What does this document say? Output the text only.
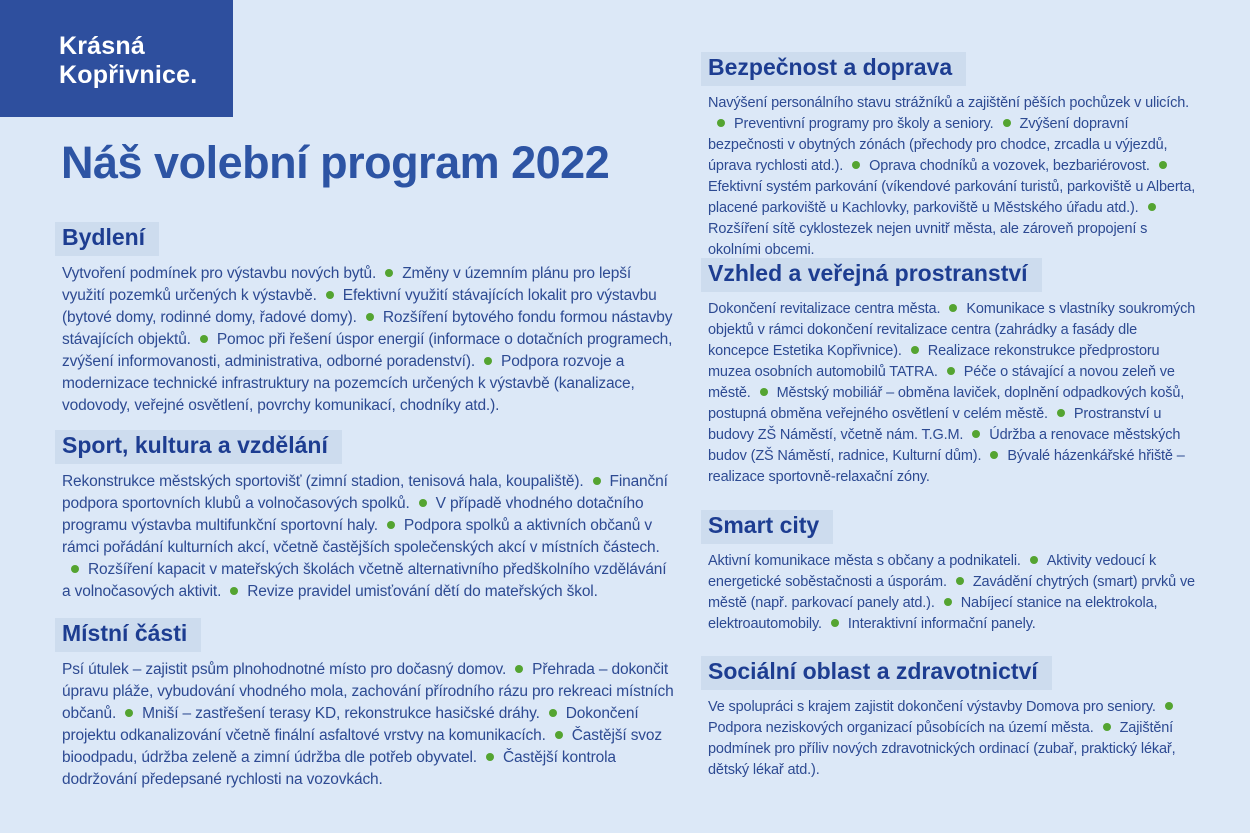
Krásná
Kopřivnice.
Náš volební program 2022
Bydlení

Vytvoření podmínek pro výstavbu nových bytů. Změny v územním plánu pro lepší využití pozemků určených k výstavbě. Efektivní využití stávajících lokalit pro výstavbu (bytové domy, rodinné domy, řadové domy). Rozšíření bytového fondu formou nástavby stávajících objektů. Pomoc při řešení úspor energií (informace o dotačních programech, zvýšení informovanosti, administrativa, odborné poradenství). Podpora rozvoje a modernizace technické infrastruktury na pozemcích určených k výstavbě (kanalizace, vodovody, veřejné osvětlení, povrchy komunikací, chodníky atd.).

Sport, kultura a vzdělání

Rekonstrukce městských sportovišť (zimní stadion, tenisová hala, koupaliště). Finanční podpora sportovních klubů a volnočasových spolků. V případě vhodného dotačního programu výstavba multifunkční sportovní haly. Podpora spolků a aktivních občanů v rámci pořádání kulturních akcí, včetně častějších společenských akcí v místních částech.Rozšíření kapacit v mateřských školách včetně alternativního předškolního vzdělávání a volnočasových aktivit. Revize pravidel umisťování dětí do mateřských škol.

Místní části

Psí útulek – zajistit psům plnohodnotné místo pro dočasný domov. Přehrada – dokončit úpravu pláže, vybudování vhodného mola, zachování přírodního rázu pro rekreaci místních občanů. Mniší – zastřešení terasy KD, rekonstrukce hasičské dráhy. Dokončení projektu odkanalizování včetně finální asfaltové vrstvy na komunikacích. Častější svoz bioodpadu, údržba zeleně a zimní údržba dle potřeb obyvatel. Častější kontrola dodržování předepsané rychlosti na vozovkách.

Bezpečnost a doprava

Navýšení personálního stavu strážníků a zajištění pěších pochůzek v ulicích.Preventivní programy pro školy a seniory. Zvýšení dopravní bezpečnosti v obytných zónách (přechody pro chodce, zrcadla u výjezdů, úprava rychlosti atd.). Oprava chodníků a vozovek, bezbariérovost.Efektivní systém parkování (víkendové parkování turistů, parkoviště u Alberta, placené parkoviště u Kachlovky, parkoviště u Městského úřadu atd.).Rozšíření sítě cyklostezek nejen uvnitř města, ale zároveň propojení s okolními obcemi.

Vzhled a veřejná prostranství

Dokončení revitalizace centra města. Komunikace s vlastníky soukromých objektů v rámci dokončení revitalizace centra (zahrádky a fasády dle koncepce Estetika Kopřivnice). Realizace rekonstrukce předprostoru muzea osobních automobilů TATRA. Péče o stávající a novou zeleň ve městě. Městský mobiliář – obměna laviček, doplnění odpadkových košů, postupná obměna veřejného osvětlení v celém městě. Prostranství u budovy ZŠ Náměstí, včetně nám. T.G.M. Údržba a renovace městských budov (ZŠ Náměstí, radnice, Kulturní dům). Bývalé házenkářské hřiště – realizace sportovně-relaxační zóny.

Smart city

Aktivní komunikace města s občany a podnikateli. Aktivity vedoucí k energetické soběstačnosti a úsporám. Zavádění chytrých (smart) prvků ve městě (např. parkovací panely atd.). Nabíjecí stanice na elektrokola, elektroautomobily. Interaktivní informační panely.

Sociální oblast a zdravotnictví

Ve spolupráci s krajem zajistit dokončení výstavby Domova pro seniory.Podpora neziskových organizací působících na území města. Zajištění podmínek pro příliv nových zdravotnických ordinací (zubař, praktický lékař, dětský lékař atd.).
